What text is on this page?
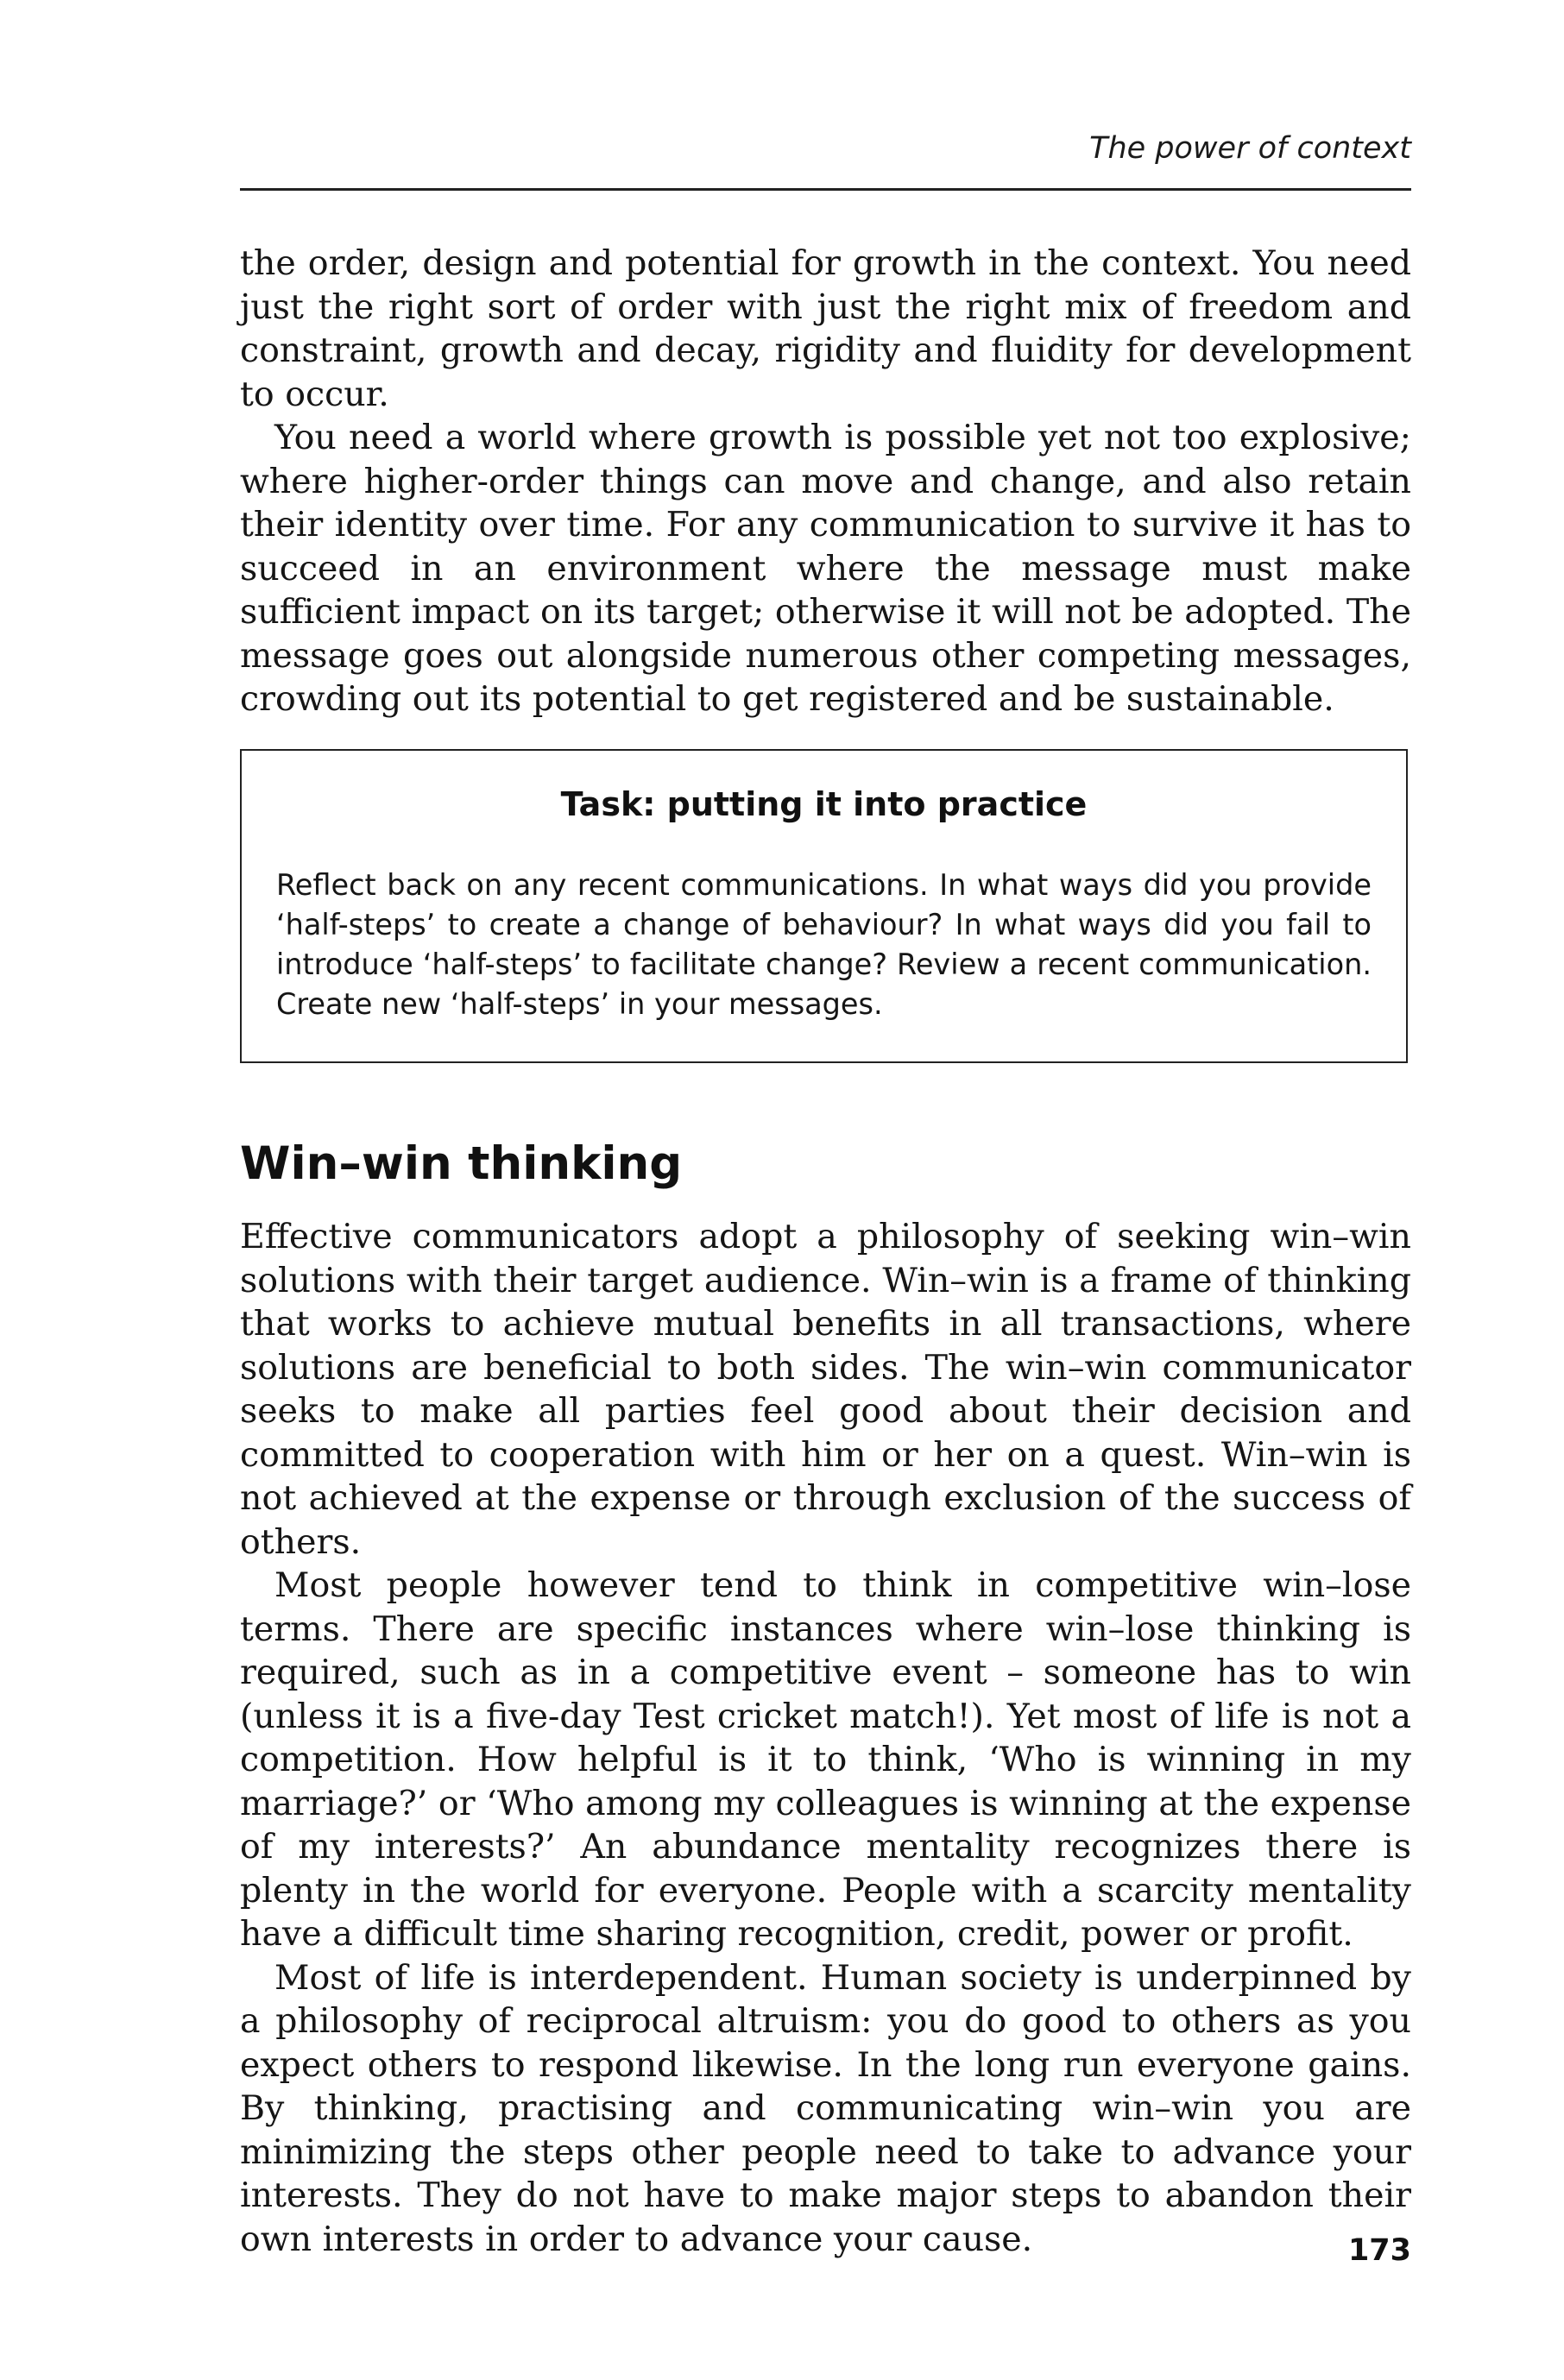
The power of context

the order, design and potential for growth in the context. You need just the right sort of order with just the right mix of freedom and constraint, growth and decay, rigidity and fluidity for development to occur.

You need a world where growth is possible yet not too explosive; where higher-order things can move and change, and also retain their identity over time. For any communication to survive it has to succeed in an environment where the message must make sufficient impact on its target; otherwise it will not be adopted. The message goes out alongside numerous other competing messages, crowding out its potential to get registered and be sustainable.

Task: putting it into practice

Reflect back on any recent communications. In what ways did you provide ‘half-steps’ to create a change of behaviour? In what ways did you fail to introduce ‘half-steps’ to facilitate change? Review a recent communication. Create new ‘half-steps’ in your messages.

Win–win thinking

Effective communicators adopt a philosophy of seeking win–win solutions with their target audience. Win–win is a frame of thinking that works to achieve mutual benefits in all transactions, where solutions are beneficial to both sides. The win–win communicator seeks to make all parties feel good about their decision and committed to cooperation with him or her on a quest. Win–win is not achieved at the expense or through exclusion of the success of others.

Most people however tend to think in competitive win–lose terms. There are specific instances where win–lose thinking is required, such as in a competitive event – someone has to win (unless it is a five-day Test cricket match!). Yet most of life is not a competition. How helpful is it to think, ‘Who is winning in my marriage?’ or ‘Who among my colleagues is winning at the expense of my interests?’ An abundance mentality recognizes there is plenty in the world for everyone. People with a scarcity mentality have a difficult time sharing recognition, credit, power or profit.

Most of life is interdependent. Human society is underpinned by a philosophy of reciprocal altruism: you do good to others as you expect others to respond likewise. In the long run everyone gains. By thinking, practising and communicating win–win you are minimizing the steps other people need to take to advance your interests. They do not have to make major steps to abandon their own interests in order to advance your cause.	173
